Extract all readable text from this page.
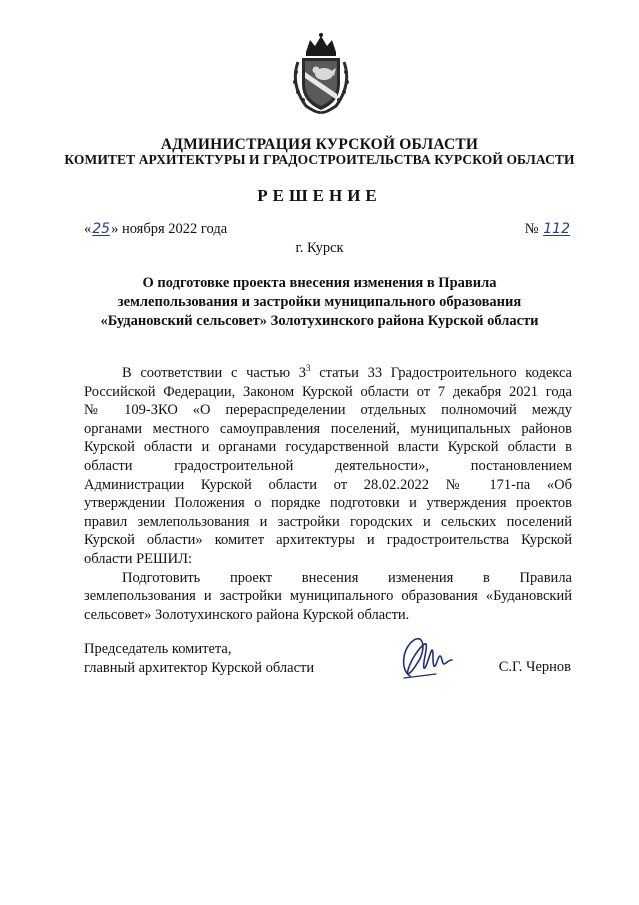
АДМИНИСТРАЦИЯ КУРСКОЙ ОБЛАСТИ
КОМИТЕТ АРХИТЕКТУРЫ И ГРАДОСТРОИТЕЛЬСТВА КУРСКОЙ ОБЛАСТИ
РЕШЕНИЕ
«25» ноября 2022 года	№ 112
г. Курск
О подготовке проекта внесения изменения в Правила
землепользования и застройки муниципального образования
«Будановский сельсовет» Золотухинского района Курской области
В соответствии с частью $3^3$ статьи 33 Градостроительного кодекса
Российской Федерации, Законом Курской области от 7 декабря 2021 года
№ 109-ЗКО «О перераспределении отдельных полномочий между
органами местного самоуправления поселений, муниципальных районов
Курской области и органами государственной власти Курской области в
области градостроительной деятельности», постановлением
Администрации Курской области от 28.02.2022 № 171-па «Об
утверждении Положения о порядке подготовки и утверждения проектов
правил землепользования и застройки городских и сельских поселений
Курской области» комитет архитектуры и градостроительства Курской
области РЕШИЛ:
Подготовить проект внесения изменения в Правила
землепользования и застройки муниципального образования «Будановский
сельсовет» Золотухинского района Курской области.
Председатель комитета,
главный архитектор Курской области	С.Г. Чернов
